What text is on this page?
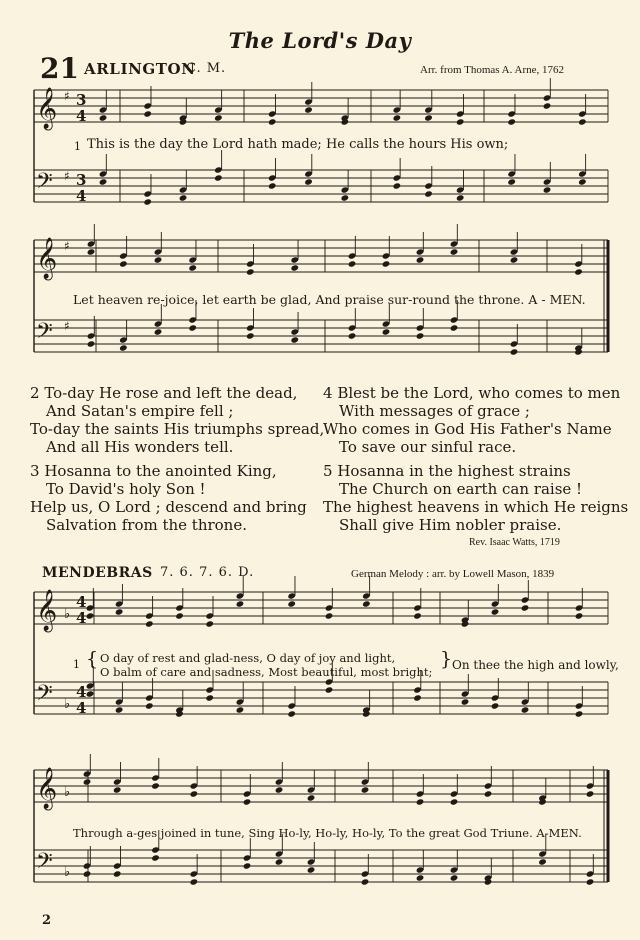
The Lord's Day
21 ARLINGTON
C. M.	Arr. from Thomas A. Arne, 1762
𝄞 ♯ 3
4
𝄢 ♯ 3
4
𝄞 ♯
𝄢 ♯
𝄞 ♭
4
4
𝄢 ♭
4
4
𝄞 ♭
𝄢 ♭
1 This is the day the Lord hath made; He calls the hours His own;
Let heaven re-joice, let earth be glad, And praise sur-round the throne. A - MEN.
2 To-day He rose and left the dead,
And Satan's empire fell ;
To-day the saints His triumphs spread,
And all His wonders tell.
3 Hosanna to the anointed King,
To David's holy Son !
Help us, O Lord ; descend and bring
Salvation from the throne.
4 Blest be the Lord, who comes to men
With messages of grace ;
Who comes in God His Father's Name
To save our sinful race.
5 Hosanna in the highest strains
The Church on earth can raise !
The highest heavens in which He reigns
Shall give Him nobler praise.
Rev. Isaac Watts, 1719
MENDEBRAS 7. 6. 7. 6. D.	German Melody : arr. by Lowell Mason, 1839
1 { O day of rest and glad-ness, O day of joy and light,
O balm of care and sadness, Most beautiful, most bright;
} On thee the high and lowly,
Through a-ges joined in tune, Sing Ho-ly, Ho-ly, Ho-ly, To the great God Triune. A-MEN.
2
